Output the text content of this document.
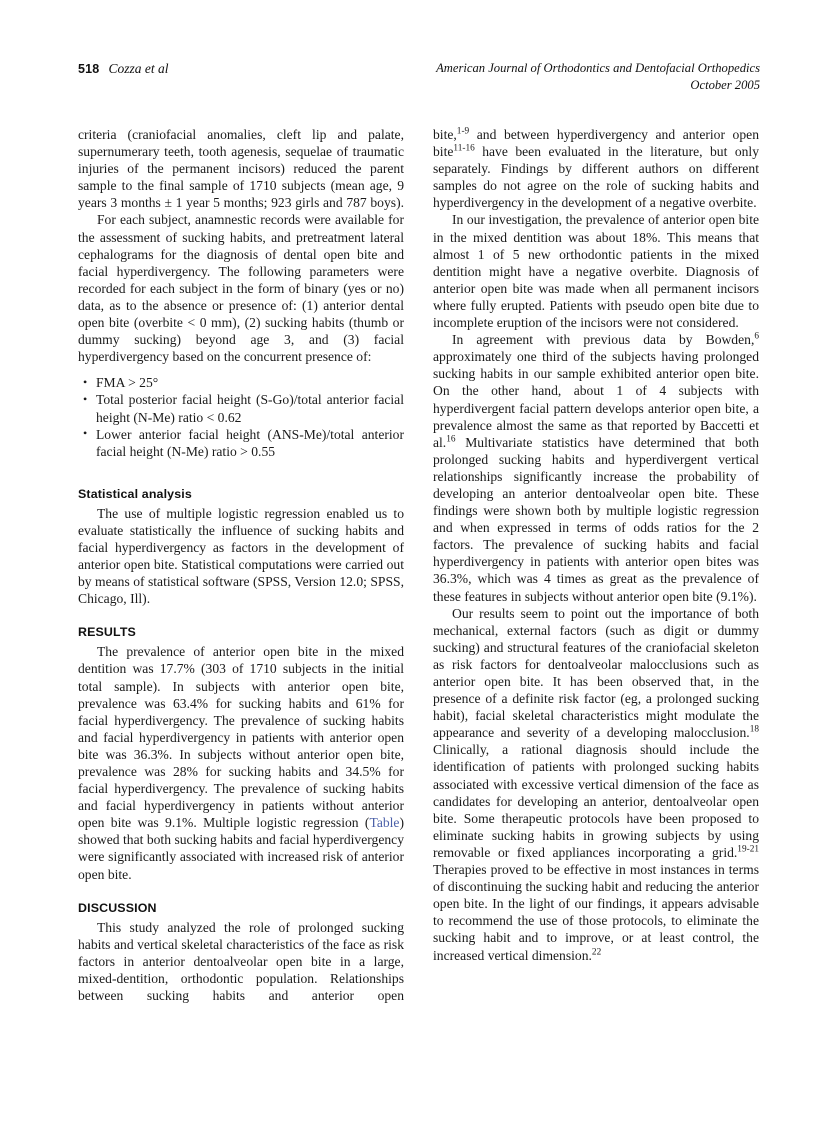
518 Cozza et al	American Journal of Orthodontics and Dentofacial Orthopedics
October 2005

criteria (craniofacial anomalies, cleft lip and palate, supernumerary teeth, tooth agenesis, sequelae of traumatic injuries of the permanent incisors) reduced the parent sample to the final sample of 1710 subjects (mean age, 9 years 3 months ± 1 year 5 months; 923 girls and 787 boys).

For each subject, anamnestic records were available for the assessment of sucking habits, and pretreatment lateral cephalograms for the diagnosis of dental open bite and facial hyperdivergency. The following parameters were recorded for each subject in the form of binary (yes or no) data, as to the absence or presence of: (1) anterior dental open bite (overbite < 0 mm), (2) sucking habits (thumb or dummy sucking) beyond age 3, and (3) facial hyperdivergency based on the concurrent presence of:

• FMA > 25°
• Total posterior facial height (S-Go)/total anterior facial height (N-Me) ratio < 0.62
• Lower anterior facial height (ANS-Me)/total anterior facial height (N-Me) ratio > 0.55
Statistical analysis

The use of multiple logistic regression enabled us to evaluate statistically the influence of sucking habits and facial hyperdivergency as factors in the development of anterior open bite. Statistical computations were carried out by means of statistical software (SPSS, Version 12.0; SPSS, Chicago, Ill).

RESULTS

The prevalence of anterior open bite in the mixed dentition was 17.7% (303 of 1710 subjects in the initial total sample). In subjects with anterior open bite, prevalence was 63.4% for sucking habits and 61% for facial hyperdivergency. The prevalence of sucking habits and facial hyperdivergency in patients with anterior open bite was 36.3%. In subjects without anterior open bite, prevalence was 28% for sucking habits and 34.5% for facial hyperdivergency. The prevalence of sucking habits and facial hyperdivergency in patients without anterior open bite was 9.1%. Multiple logistic regression (Table) showed that both sucking habits and facial hyperdivergency were significantly associated with increased risk of anterior open bite.

DISCUSSION

This study analyzed the role of prolonged sucking habits and vertical skeletal characteristics of the face as risk factors in anterior dentoalveolar open bite in a large, mixed-dentition, orthodontic population. Relationships between sucking habits and anterior open

bite,$^{1-9}$ and between hyperdivergency and anterior open bite$^{11-16}$ have been evaluated in the literature, but only separately. Findings by different authors on different samples do not agree on the role of sucking habits and hyperdivergency in the development of a negative overbite.

In our investigation, the prevalence of anterior open bite in the mixed dentition was about 18%. This means that almost 1 of 5 new orthodontic patients in the mixed dentition might have a negative overbite. Diagnosis of anterior open bite was made when all permanent incisors where fully erupted. Patients with pseudo open bite due to incomplete eruption of the incisors were not considered.

In agreement with previous data by Bowden,$^6$ approximately one third of the subjects having prolonged sucking habits in our sample exhibited anterior open bite. On the other hand, about 1 of 4 subjects with hyperdivergent facial pattern develops anterior open bite, a prevalence almost the same as that reported by Baccetti et al.$^{16}$ Multivariate statistics have determined that both prolonged sucking habits and hyperdivergent vertical relationships significantly increase the probability of developing an anterior dentoalveolar open bite. These findings were shown both by multiple logistic regression and when expressed in terms of odds ratios for the 2 factors. The prevalence of sucking habits and facial hyperdivergency in patients with anterior open bites was 36.3%, which was 4 times as great as the prevalence of these features in subjects without anterior open bite (9.1%).

Our results seem to point out the importance of both mechanical, external factors (such as digit or dummy sucking) and structural features of the craniofacial skeleton as risk factors for dentoalveolar malocclusions such as anterior open bite. It has been observed that, in the presence of a definite risk factor (eg, a prolonged sucking habit), facial skeletal characteristics might modulate the appearance and severity of a developing malocclusion.$^{18}$ Clinically, a rational diagnosis should include the identification of patients with prolonged sucking habits associated with excessive vertical dimension of the face as candidates for developing an anterior, dentoalveolar open bite. Some therapeutic protocols have been proposed to eliminate sucking habits in growing subjects by using removable or fixed appliances incorporating a grid.$^{19-21}$ Therapies proved to be effective in most instances in terms of discontinuing the sucking habit and reducing the anterior open bite. In the light of our findings, it appears advisable to recommend the use of those protocols, to eliminate the sucking habit and to improve, or at least control, the increased vertical dimension.$^{22}$
